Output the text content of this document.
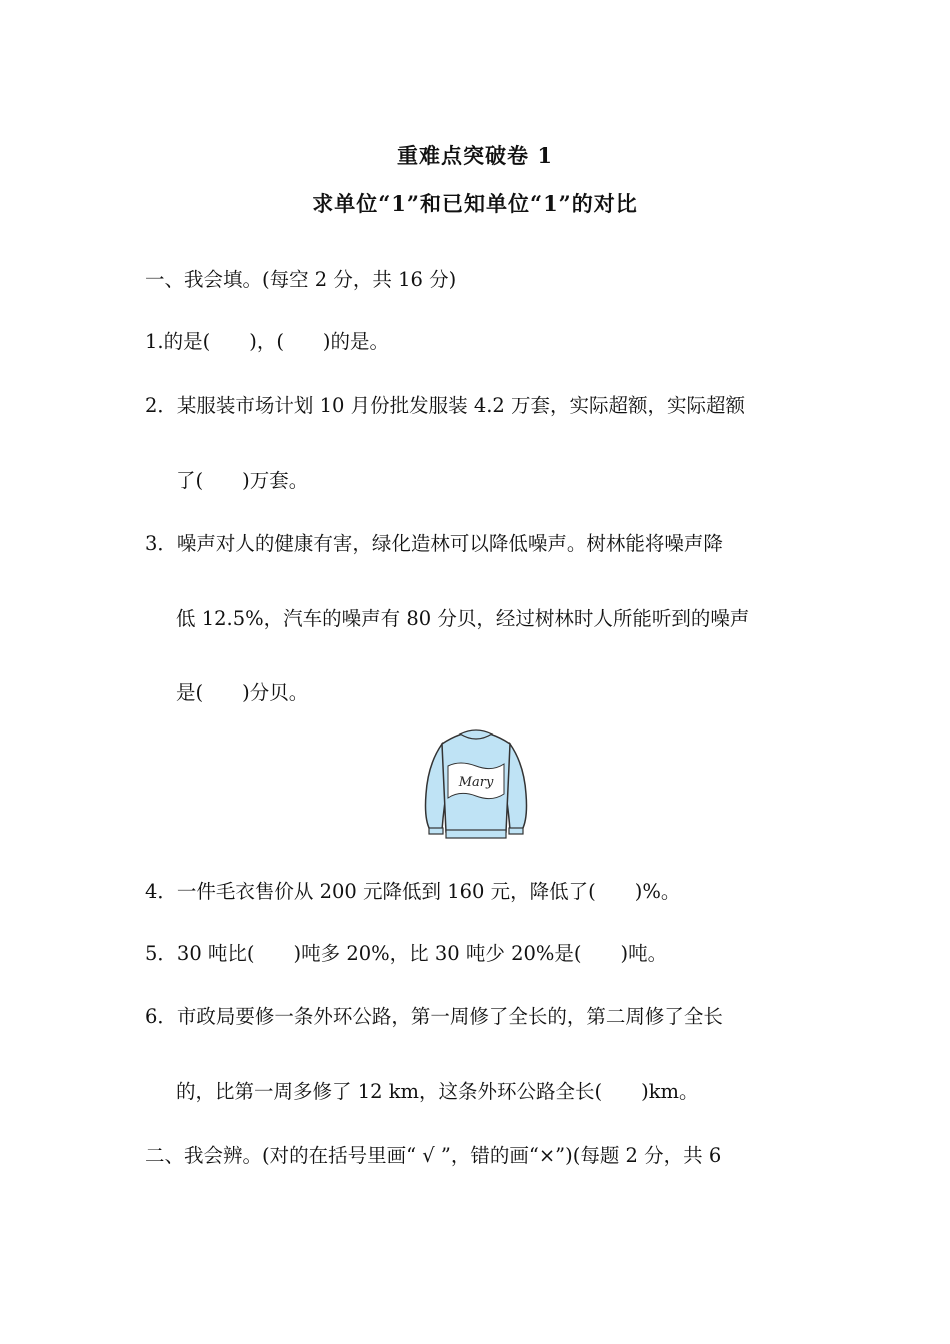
重难点突破卷 1
求单位“1”和已知单位“1”的对比
一、我会填。(每空 2 分，共 16 分)
1.的是(　　)，(　　)的是。
2．某服装市场计划 10 月份批发服装 4.2 万套，实际超额，实际超额
了(　　)万套。
3．噪声对人的健康有害，绿化造林可以降低噪声。树林能将噪声降
低 12.5%，汽车的噪声有 80 分贝，经过树林时人所能听到的噪声
是(　　)分贝。
Mary
4．一件毛衣售价从 200 元降低到 160 元，降低了(　　)%。
5．30 吨比(　　)吨多 20%，比 30 吨少 20%是(　　)吨。
6．市政局要修一条外环公路，第一周修了全长的，第二周修了全长
的，比第一周多修了 12 km，这条外环公路全长(　　)km。
二、我会辨。(对的在括号里画“ √ ”，错的画“×”)(每题 2 分，共 6
